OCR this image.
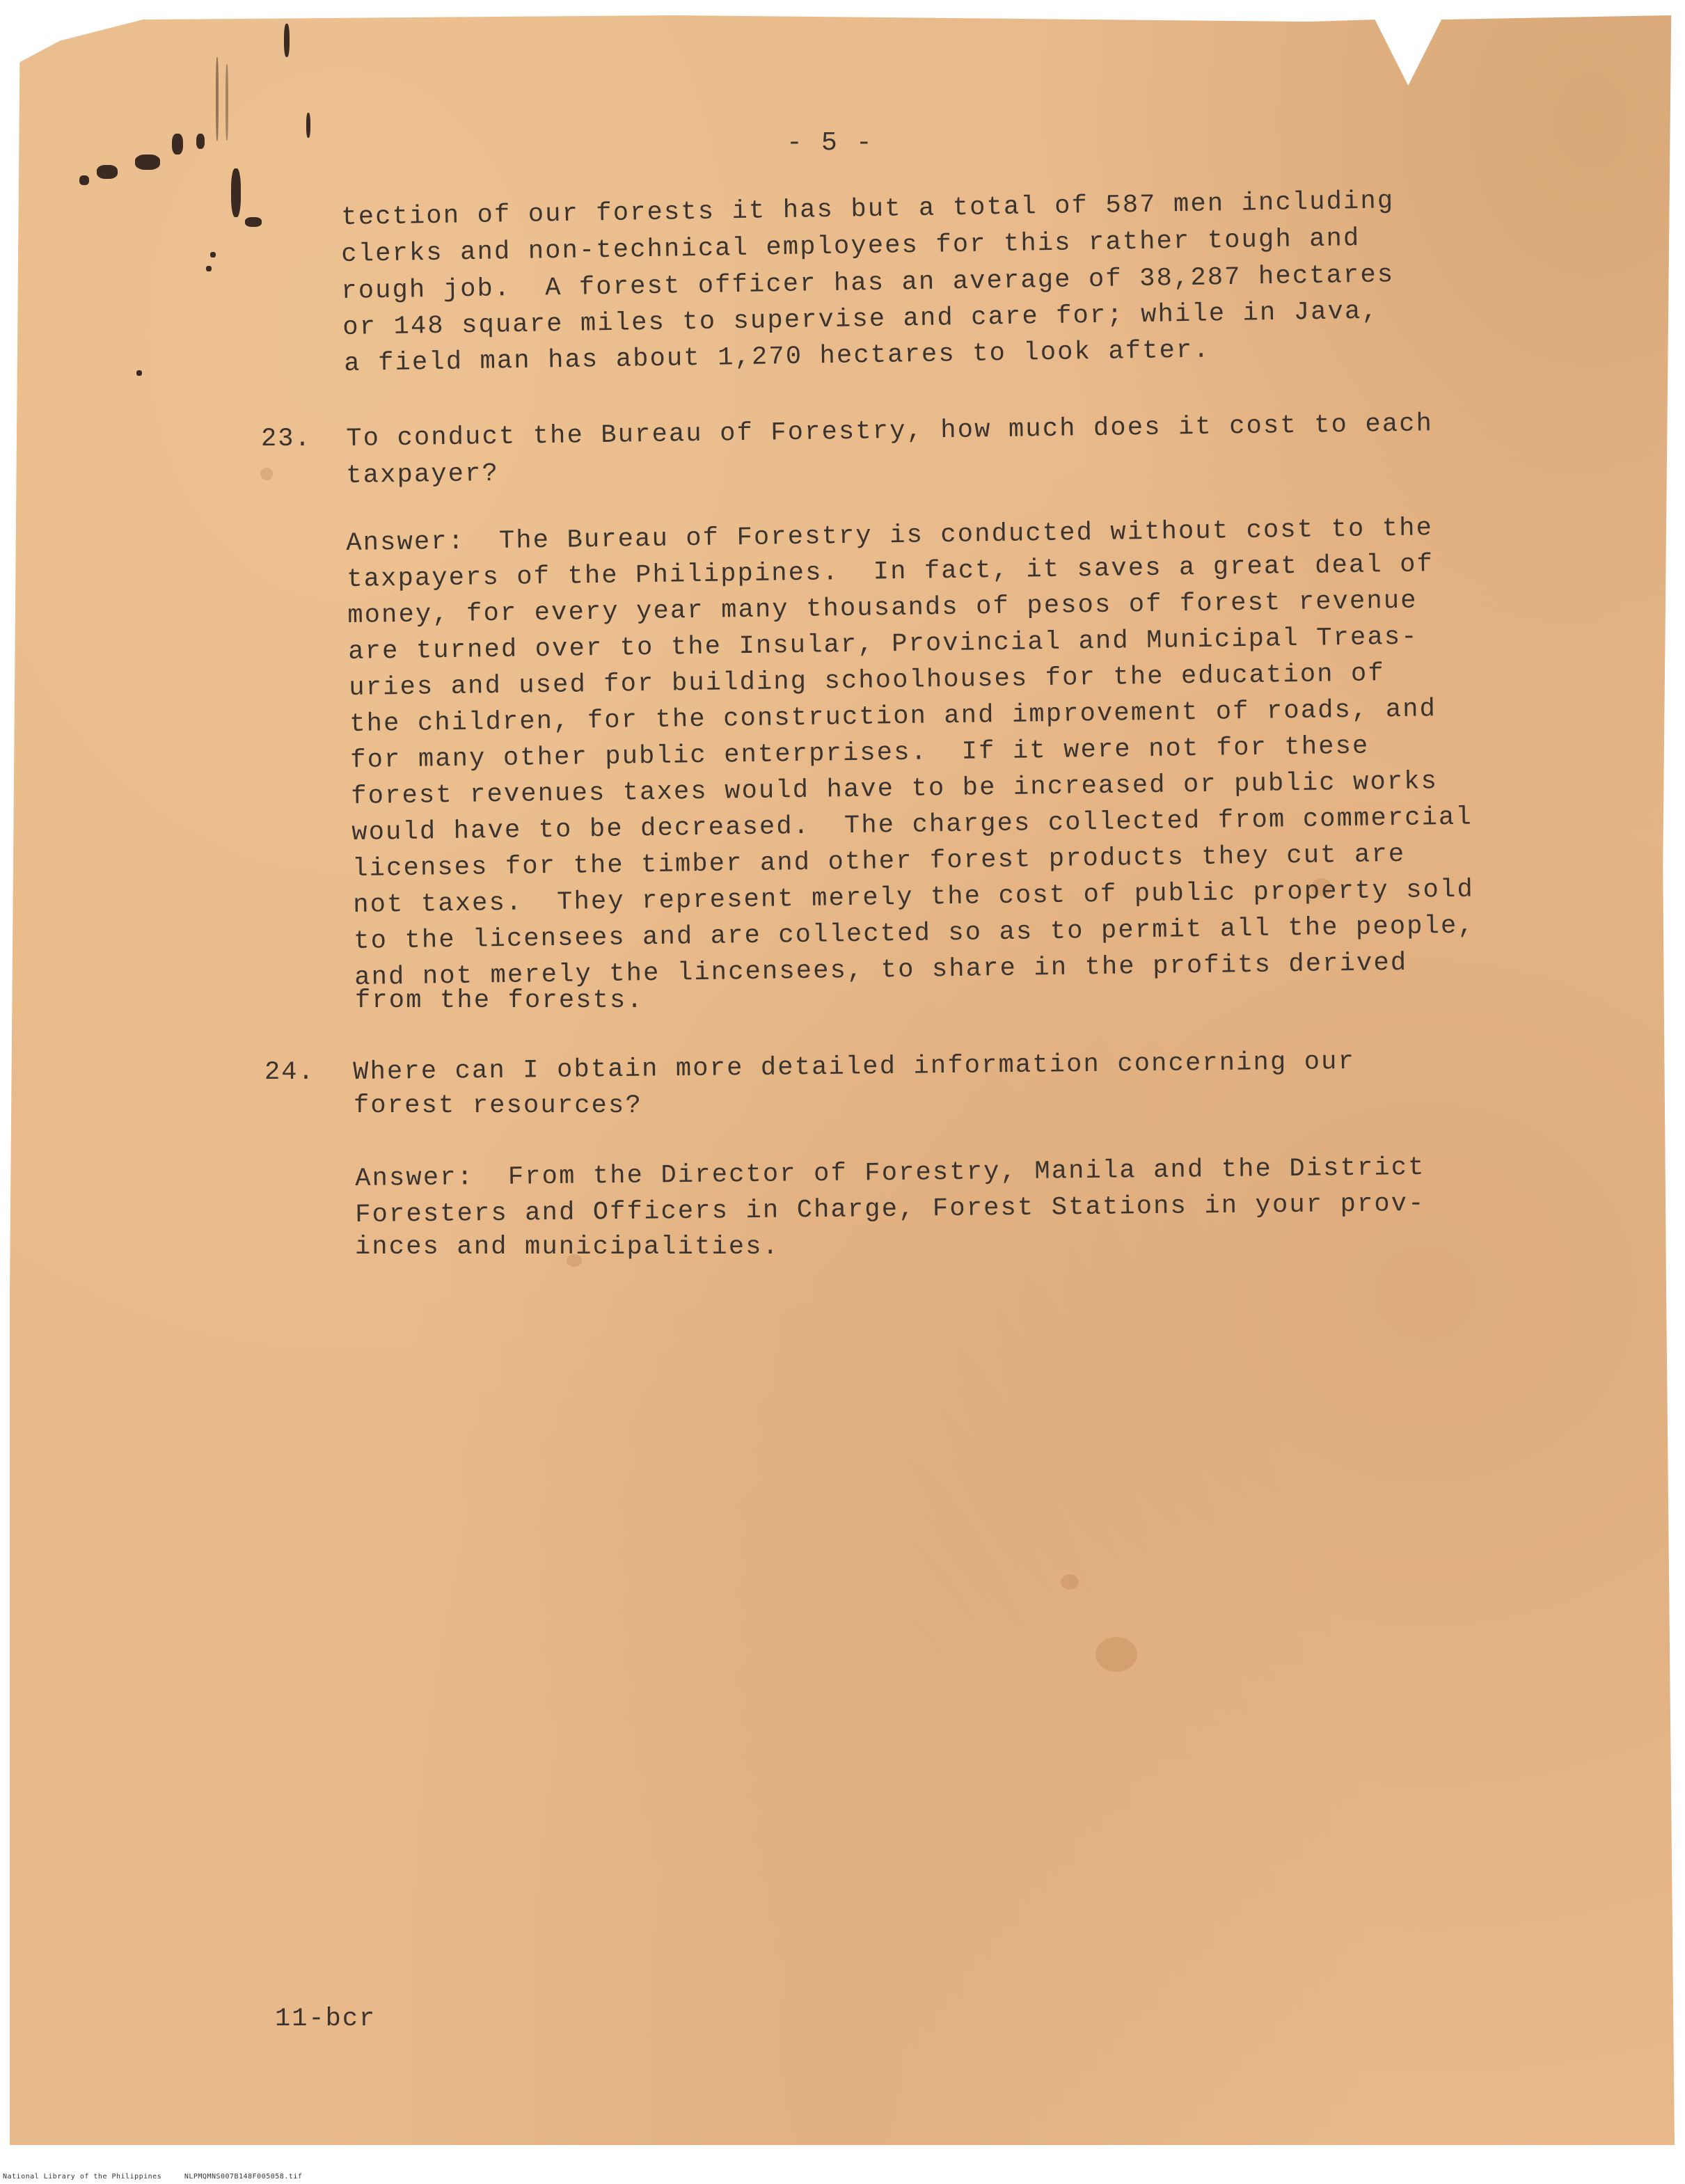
- 5 -

tection of our forests it has but a total of 587 men including

clerks and non-technical employees for this rather tough and

rough job.  A forest officer has an average of 38,287 hectares

or 148 square miles to supervise and care for; while in Java,

a field man has about 1,270 hectares to look after.

23. To conduct the Bureau of Forestry, how much does it cost to each

taxpayer?

Answer:  The Bureau of Forestry is conducted without cost to the

taxpayers of the Philippines.  In fact, it saves a great deal of

money, for every year many thousands of pesos of forest revenue

are turned over to the Insular, Provincial and Municipal Treas-

uries and used for building schoolhouses for the education of

the children, for the construction and improvement of roads, and

for many other public enterprises.  If it were not for these

forest revenues taxes would have to be increased or public works

would have to be decreased.  The charges collected from commercial

licenses for the timber and other forest products they cut are

not taxes.  They represent merely the cost of public property sold

to the licensees and are collected so as to permit all the people,

and not merely the lincensees, to share in the profits derived

from the forests.

24. Where can I obtain more detailed information concerning our

forest resources?

Answer:  From the Director of Forestry, Manila and the District

Foresters and Officers in Charge, Forest Stations in your prov-

inces and municipalities.

11-bcr
National Library of the Philippines     NLPMQMNS007B148F005058.tif
